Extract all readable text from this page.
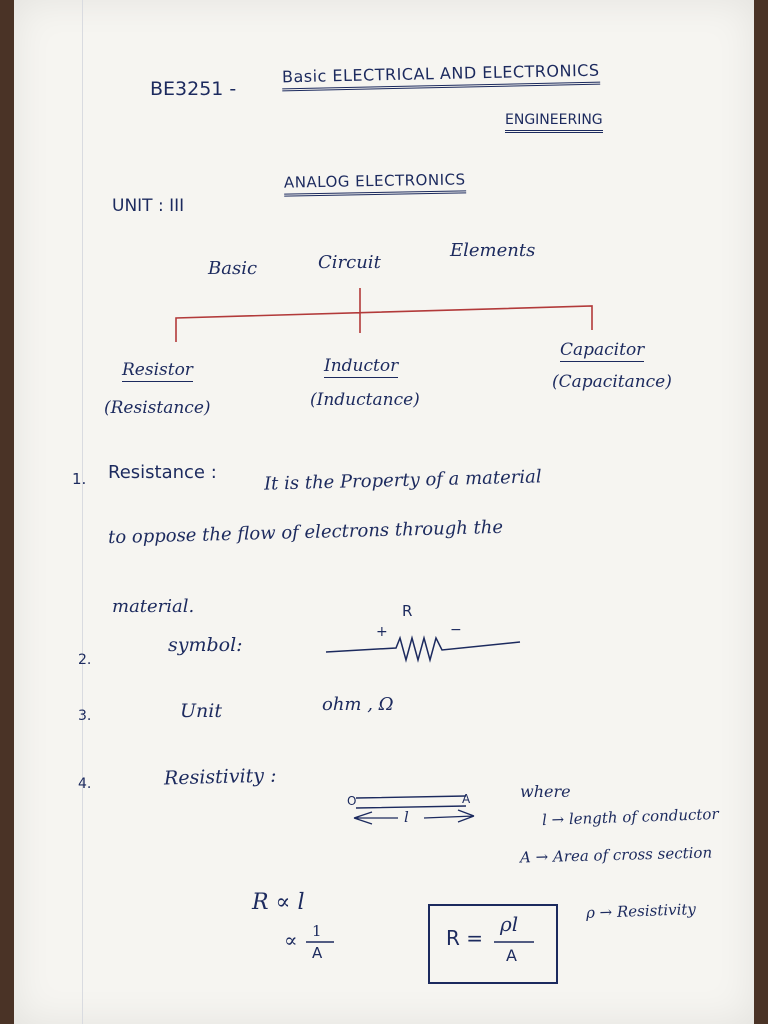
BE3251 -
Basic ELECTRICAL AND ELECTRONICS
ENGINEERING
UNIT : III
ANALOG ELECTRONICS
Basic	Circuit
Elements
Resistor
(Resistance)
Inductor
(Inductance)
Capacitor
(Capacitance)
1. Resistance :	It is the Property of a material
to oppose the flow of electrons through the
material.
2.
symbol:
R
+	−
3.	Unit	ohm , Ω
4.	Resistivity :
O	A
l
where
l → length of conductor
A → Area of cross section
ρ → Resistivity
R ∝ l
∝ 1
A
R =
ρl
A
